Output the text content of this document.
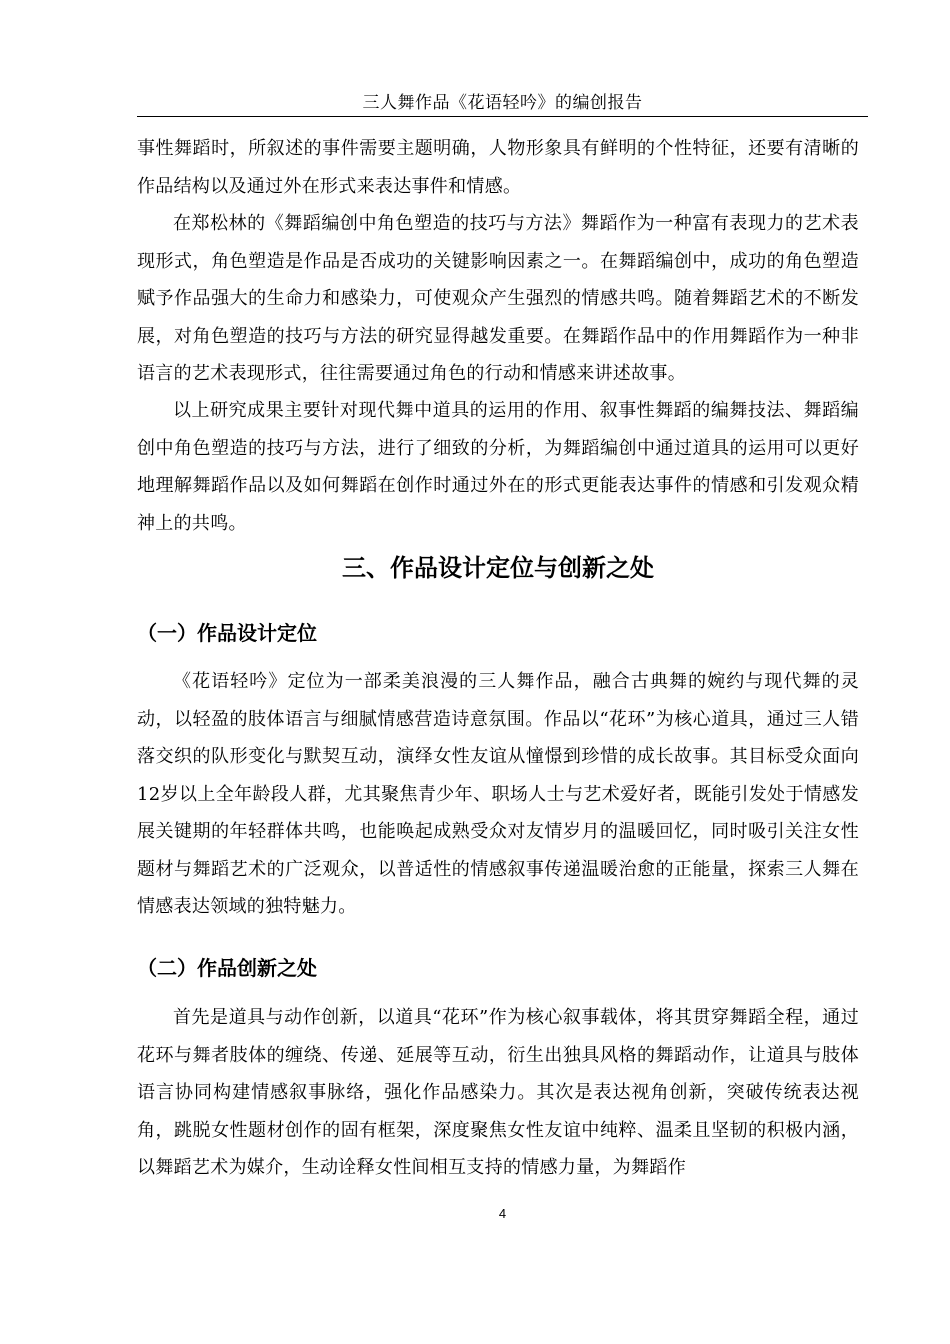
三人舞作品《花语轻吟》的编创报告

事性舞蹈时，所叙述的事件需要主题明确，人物形象具有鲜明的个性特征，还要有清晰的作品结构以及通过外在形式来表达事件和情感。

在郑松林的《舞蹈编创中角色塑造的技巧与方法》舞蹈作为一种富有表现力的艺术表现形式，角色塑造是作品是否成功的关键影响因素之一。在舞蹈编创中，成功的角色塑造赋予作品强大的生命力和感染力，可使观众产生强烈的情感共鸣。随着舞蹈艺术的不断发展，对角色塑造的技巧与方法的研究显得越发重要。在舞蹈作品中的作用舞蹈作为一种非语言的艺术表现形式，往往需要通过角色的行动和情感来讲述故事。

以上研究成果主要针对现代舞中道具的运用的作用、叙事性舞蹈的编舞技法、舞蹈编创中角色塑造的技巧与方法，进行了细致的分析，为舞蹈编创中通过道具的运用可以更好地理解舞蹈作品以及如何舞蹈在创作时通过外在的形式更能表达事件的情感和引发观众精神上的共鸣。

三、作品设计定位与创新之处
（一）作品设计定位

《花语轻吟》定位为一部柔美浪漫的三人舞作品，融合古典舞的婉约与现代舞的灵动，以轻盈的肢体语言与细腻情感营造诗意氛围。作品以“花环”为核心道具，通过三人错落交织的队形变化与默契互动，演绎女性友谊从憧憬到珍惜的成长故事。其目标受众面向12岁以上全年龄段人群，尤其聚焦青少年、职场人士与艺术爱好者，既能引发处于情感发展关键期的年轻群体共鸣，也能唤起成熟受众对友情岁月的温暖回忆，同时吸引关注女性题材与舞蹈艺术的广泛观众，以普适性的情感叙事传递温暖治愈的正能量，探索三人舞在情感表达领域的独特魅力。

（二）作品创新之处

首先是道具与动作创新，以道具“花环”作为核心叙事载体，将其贯穿舞蹈全程，通过花环与舞者肢体的缠绕、传递、延展等互动，衍生出独具风格的舞蹈动作，让道具与肢体语言协同构建情感叙事脉络，强化作品感染力。其次是表达视角创新，突破传统表达视角，跳脱女性题材创作的固有框架，深度聚焦女性友谊中纯粹、温柔且坚韧的积极内涵，以舞蹈艺术为媒介，生动诠释女性间相互支持的情感力量，为舞蹈作

4
